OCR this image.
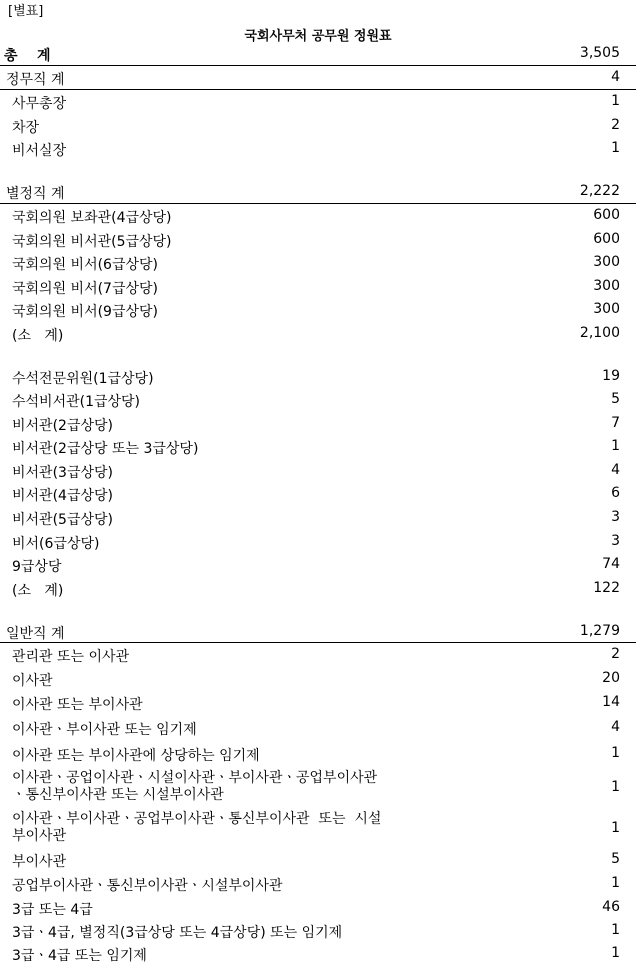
[별표]
국회사무처 공무원 정원표
총    계	3,505
정무직 계	4
사무총장	1
차장	2
비서실장	1
별정직 계	2,222
국회의원 보좌관(4급상당)	600
국회의원 비서관(5급상당)	600
국회의원 비서(6급상당)	300
국회의원 비서(7급상당)	300
국회의원 비서(9급상당)	300
(소   계)	2,100
수석전문위원(1급상당)	19
수석비서관(1급상당)	5
비서관(2급상당)	7
비서관(2급상당 또는 3급상당)	1
비서관(3급상당)	4
비서관(4급상당)	6
비서관(5급상당)	3
비서(6급상당)	3
9급상당	74
(소   계)	122
일반직 계	1,279
관리관 또는 이사관	2
이사관	20
이사관 또는 부이사관	14
이사관ㆍ부이사관 또는 임기제	4
이사관 또는 부이사관에 상당하는 임기제	1
이사관ㆍ공업이사관ㆍ시설이사관ㆍ부이사관ㆍ공업부이사관
ㆍ통신부이사관 또는 시설부이사관	1
이사관ㆍ부이사관ㆍ공업부이사관ㆍ통신부이사관  또는  시설
부이사관	1
부이사관	5
공업부이사관ㆍ통신부이사관ㆍ시설부이사관	1
3급 또는 4급	46
3급ㆍ4급, 별정직(3급상당 또는 4급상당) 또는 임기제	1
3급ㆍ4급 또는 임기제	1
